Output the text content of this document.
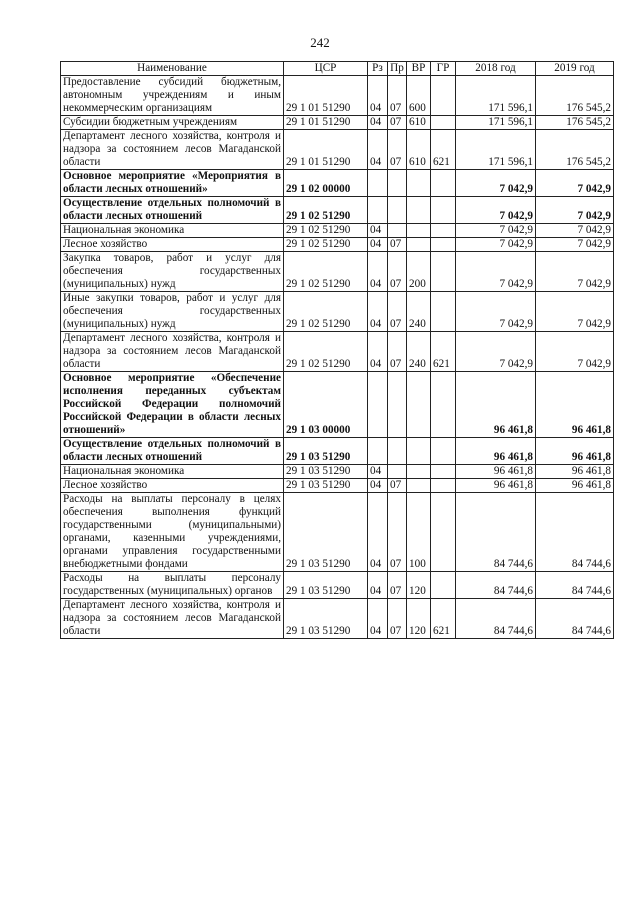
242
Наименование	ЦСР	Рз	Пр	ВР	ГР	2018 год	2019 год
Предоставление субсидий бюджетным, автономным учреждениям и иным некоммерческим организациям	29 1 01 51290	04	07	600		171 596,1	176 545,2
Субсидии бюджетным учреждениям	29 1 01 51290	04	07	610		171 596,1	176 545,2
Департамент лесного хозяйства, контроля и надзора за состоянием лесов Магаданской области	29 1 01 51290	04	07	610	621	171 596,1	176 545,2
Основное мероприятие «Мероприятия в области лесных отношений»	29 1 02 00000					7 042,9	7 042,9
Осуществление отдельных полномочий в области лесных отношений	29 1 02 51290					7 042,9	7 042,9
Национальная экономика	29 1 02 51290	04				7 042,9	7 042,9
Лесное хозяйство	29 1 02 51290	04	07			7 042,9	7 042,9
Закупка товаров, работ и услуг для обеспечения государственных (муниципальных) нужд	29 1 02 51290	04	07	200		7 042,9	7 042,9
Иные закупки товаров, работ и услуг для обеспечения государственных (муниципальных) нужд	29 1 02 51290	04	07	240		7 042,9	7 042,9
Департамент лесного хозяйства, контроля и надзора за состоянием лесов Магаданской области	29 1 02 51290	04	07	240	621	7 042,9	7 042,9
Основное мероприятие «Обеспечение исполнения переданных субъектам Российской Федерации полномочий Российской Федерации в области лесных отношений»	29 1 03 00000					96 461,8	96 461,8
Осуществление отдельных полномочий в области лесных отношений	29 1 03 51290					96 461,8	96 461,8
Национальная экономика	29 1 03 51290	04				96 461,8	96 461,8
Лесное хозяйство	29 1 03 51290	04	07			96 461,8	96 461,8
Расходы на выплаты персоналу в целях обеспечения выполнения функций государственными (муниципальными) органами, казенными учреждениями, органами управления государственными внебюджетными фондами	29 1 03 51290	04	07	100		84 744,6	84 744,6
Расходы на выплаты персоналу государственных (муниципальных) органов	29 1 03 51290	04	07	120		84 744,6	84 744,6
Департамент лесного хозяйства, контроля и надзора за состоянием лесов Магаданской области	29 1 03 51290	04	07	120	621	84 744,6	84 744,6
